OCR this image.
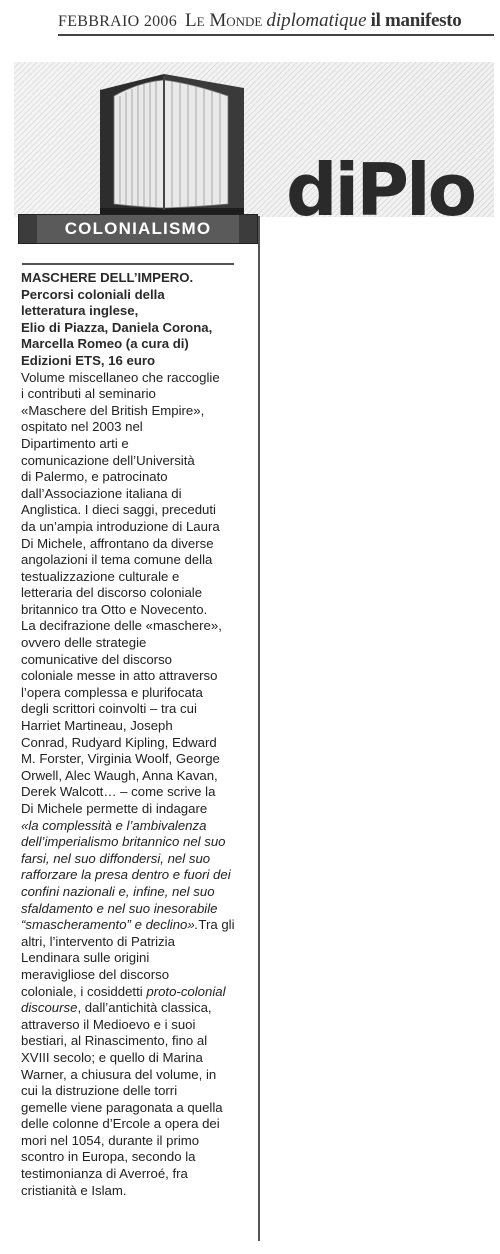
FEBBRAIO 2006 Le Monde diplomatique il manifesto
diPlo
COLONIALISMO
MASCHERE DELL’IMPERO.
Percorsi coloniali della
letteratura inglese,
Elio di Piazza, Daniela Corona,
Marcella Romeo (a cura di)
Edizioni ETS, 16 euro
Volume miscellaneo che raccoglie
i contributi al seminario
«Maschere del British Empire»,
ospitato nel 2003 nel
Dipartimento arti e
comunicazione dell’Università
di Palermo, e patrocinato
dall’Associazione italiana di
Anglistica. I dieci saggi, preceduti
da un’ampia introduzione di Laura
Di Michele, affrontano da diverse
angolazioni il tema comune della
testualizzazione culturale e
letteraria del discorso coloniale
britannico tra Otto e Novecento.
La decifrazione delle «maschere»,
ovvero delle strategie
comunicative del discorso
coloniale messe in atto attraverso
l’opera complessa e plurifocata
degli scrittori coinvolti – tra cui
Harriet Martineau, Joseph
Conrad, Rudyard Kipling, Edward
M. Forster, Virginia Woolf, George
Orwell, Alec Waugh, Anna Kavan,
Derek Walcott… – come scrive la
Di Michele permette di indagare
«la complessità e l’ambivalenza
dell’imperialismo britannico nel suo
farsi, nel suo diffondersi, nel suo
rafforzare la presa dentro e fuori dei
confini nazionali e, infine, nel suo
sfaldamento e nel suo inesorabile
“smascheramento” e declino».Tra gli
altri, l’intervento di Patrizia
Lendinara sulle origini
meravigliose del discorso
coloniale, i cosiddetti proto-colonial
discourse, dall’antichità classica,
attraverso il Medioevo e i suoi
bestiari, al Rinascimento, fino al
XVIII secolo; e quello di Marina
Warner, a chiusura del volume, in
cui la distruzione delle torri
gemelle viene paragonata a quella
delle colonne d’Ercole a opera dei
mori nel 1054, durante il primo
scontro in Europa, secondo la
testimonianza di Averroé, fra
cristianità e Islam.
